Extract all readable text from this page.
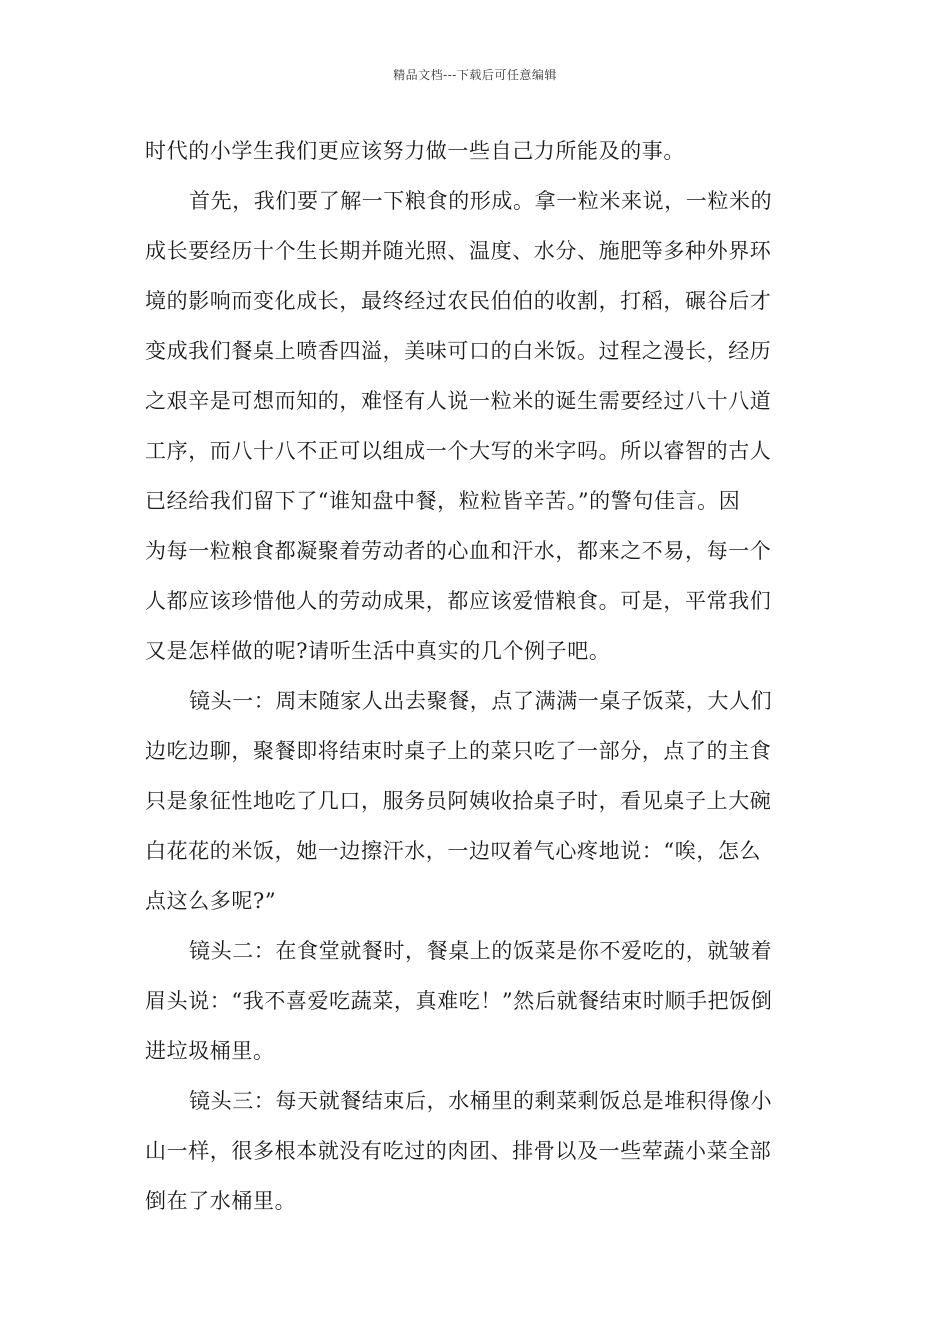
精品文档---下载后可任意编辑
时代的小学生我们更应该努力做一些自己力所能及的事。
首先，我们要了解一下粮食的形成。拿一粒米来说，一粒米的
成长要经历十个生长期并随光照、温度、水分、施肥等多种外界环
境的影响而变化成长，最终经过农民伯伯的收割，打稻，碾谷后才
变成我们餐桌上喷香四溢，美味可口的白米饭。过程之漫长，经历
之艰辛是可想而知的，难怪有人说一粒米的诞生需要经过八十八道
工序，而八十八不正可以组成一个大写的米字吗。所以睿智的古人
已经给我们留下了“谁知盘中餐，粒粒皆辛苦。”的警句佳言。因
为每一粒粮食都凝聚着劳动者的心血和汗水，都来之不易，每一个
人都应该珍惜他人的劳动成果，都应该爱惜粮食。可是，平常我们
又是怎样做的呢?请听生活中真实的几个例子吧。
镜头一：周末随家人出去聚餐，点了满满一桌子饭菜，大人们
边吃边聊，聚餐即将结束时桌子上的菜只吃了一部分，点了的主食
只是象征性地吃了几口，服务员阿姨收拾桌子时，看见桌子上大碗
白花花的米饭，她一边擦汗水，一边叹着气心疼地说：“唉，怎么
点这么多呢?”
镜头二：在食堂就餐时，餐桌上的饭菜是你不爱吃的，就皱着
眉头说：“我不喜爱吃蔬菜，真难吃！”然后就餐结束时顺手把饭倒
进垃圾桶里。
镜头三：每天就餐结束后，水桶里的剩菜剩饭总是堆积得像小
山一样，很多根本就没有吃过的肉团、排骨以及一些荤蔬小菜全部
倒在了水桶里。
